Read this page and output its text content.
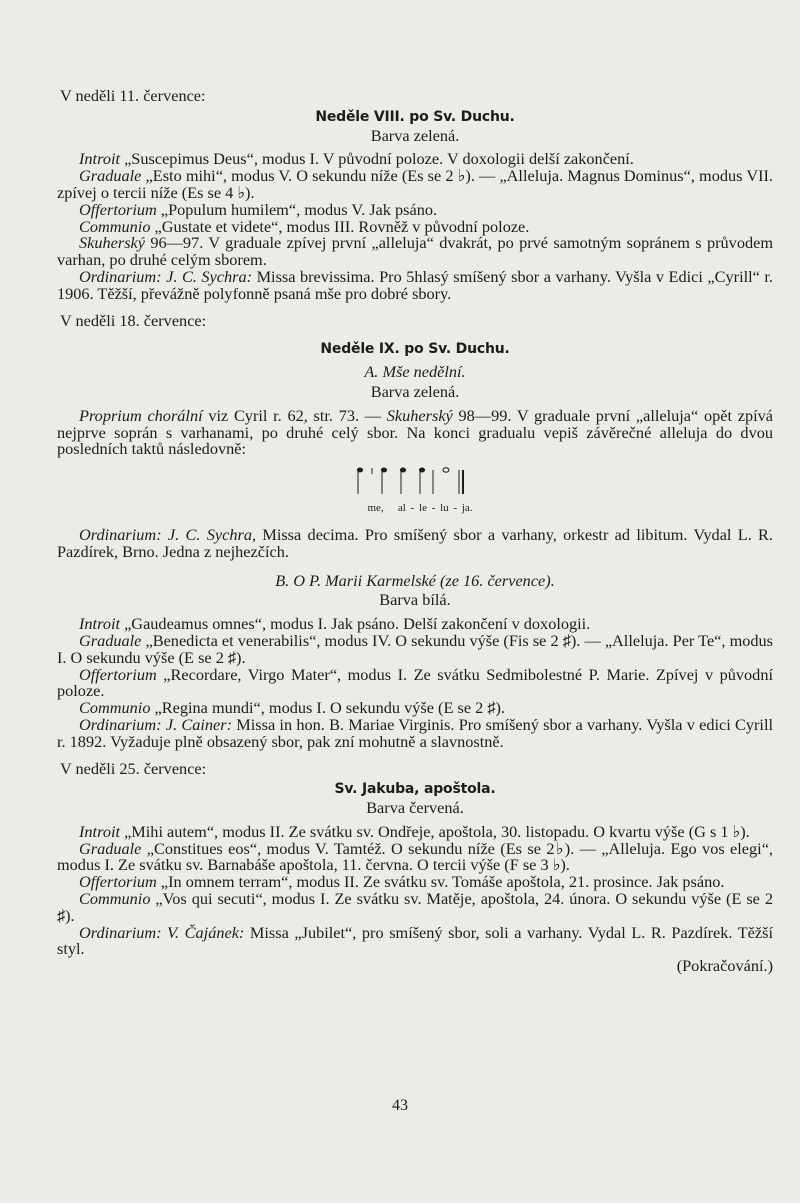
V neděli 11. července:
Neděle VIII. po Sv. Duchu.
Barva zelená.

Introit „Suscepimus Deus“, modus I. V původní poloze. V doxologii delší zakončení.

Graduale „Esto mihi“, modus V. O sekundu níže (Es se 2 ♭). — „Alleluja. Magnus Dominus“, modus VII. zpívej o tercii níže (Es se 4 ♭).

Offertorium „Populum humilem“, modus V. Jak psáno.

Communio „Gustate et videte“, modus III. Rovněž v původní poloze.

Skuherský 96—97. V graduale zpívej první „alleluja“ dvakrát, po prvé samotným sopránem s průvodem varhan, po druhé celým sborem.

Ordinarium: J. C. Sychra: Missa brevissima. Pro 5hlasý smíšený sbor a varhany. Vyšla v Edici „Cyrill“ r. 1906. Těžší, převážně polyfonně psaná mše pro dobré sbory.

V neděli 18. července:
Neděle IX. po Sv. Duchu.
A. Mše nedělní.
Barva zelená.

Proprium chorální viz Cyril r. 62, str. 73. — Skuherský 98—99. V graduale první „alleluja“ opět zpívá nejprve soprán s varhanami, po druhé celý sbor. Na konci gradualu vepiš závěrečné alleluja do dvou posledních taktů následovně:

me,   al - le - lu - ja.

Ordinarium: J. C. Sychra, Missa decima. Pro smíšený sbor a varhany, orkestr ad libitum. Vydal L. R. Pazdírek, Brno. Jedna z nejhezčích.

B. O P. Marii Karmelské (ze 16. července).
Barva bílá.

Introit „Gaudeamus omnes“, modus I. Jak psáno. Delší zakončení v doxologii.

Graduale „Benedicta et venerabilis“, modus IV. O sekundu výše (Fis se 2 ♯). — „Alleluja. Per Te“, modus I. O sekundu výše (E se 2 ♯).

Offertorium „Recordare, Virgo Mater“, modus I. Ze svátku Sedmibolestné P. Marie. Zpívej v původní poloze.

Communio „Regina mundi“, modus I. O sekundu výše (E se 2 ♯).

Ordinarium: J. Cainer: Missa in hon. B. Mariae Virginis. Pro smíšený sbor a varhany. Vyšla v edici Cyrill r. 1892. Vyžaduje plně obsazený sbor, pak zní mohutně a slavnostně.

V neděli 25. července:
Sv. Jakuba, apoštola.
Barva červená.

Introit „Mihi autem“, modus II. Ze svátku sv. Ondřeje, apoštola, 30. listopadu. O kvartu výše (G s 1 ♭).

Graduale „Constitues eos“, modus V. Tamtéž. O sekundu níže (Es se 2♭). — „Alleluja. Ego vos elegi“, modus I. Ze svátku sv. Barnabáše apoštola, 11. června. O tercii výše (F se 3 ♭).

Offertorium „In omnem terram“, modus II. Ze svátku sv. Tomáše apoštola, 21. prosince. Jak psáno.

Communio „Vos qui secuti“, modus I. Ze svátku sv. Matěje, apoštola, 24. února. O sekundu výše (E se 2 ♯).

Ordinarium: V. Čajánek: Missa „Jubilet“, pro smíšený sbor, soli a varhany. Vydal L. R. Pazdírek. Těžší styl.

(Pokračování.)
43
